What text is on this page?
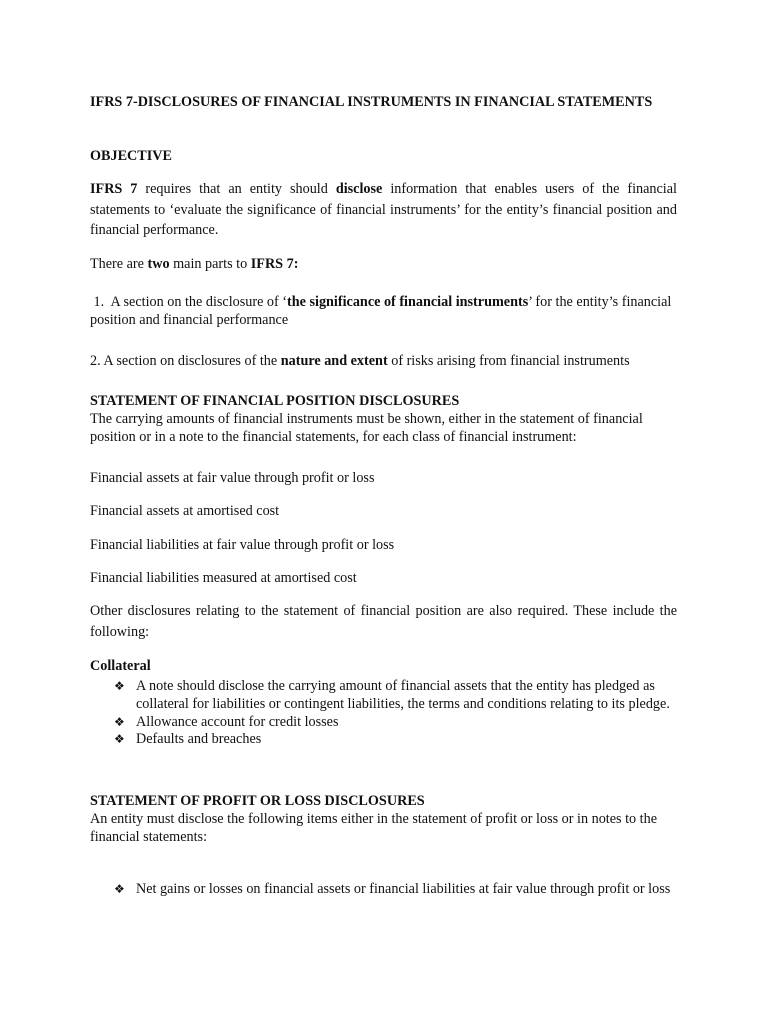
IFRS 7-DISCLOSURES OF FINANCIAL INSTRUMENTS IN FINANCIAL STATEMENTS
OBJECTIVE
IFRS 7 requires that an entity should disclose information that enables users of the financial statements to ‘evaluate the significance of financial instruments’ for the entity’s financial position and financial performance.
There are two main parts to IFRS 7:
1.  A section on the disclosure of ‘the significance of financial instruments’ for the entity’s financial position and financial performance
2. A section on disclosures of the nature and extent of risks arising from financial instruments
STATEMENT OF FINANCIAL POSITION DISCLOSURES
The carrying amounts of financial instruments must be shown, either in the statement of financial position or in a note to the financial statements, for each class of financial instrument:
Financial assets at fair value through profit or loss
Financial assets at amortised cost
Financial liabilities at fair value through profit or loss
Financial liabilities measured at amortised cost
Other disclosures relating to the statement of financial position are also required. These include the following:
Collateral
❖ A note should disclose the carrying amount of financial assets that the entity has pledged as collateral for liabilities or contingent liabilities, the terms and conditions relating to its pledge.
❖ Allowance account for credit losses
❖ Defaults and breaches
STATEMENT OF PROFIT OR LOSS DISCLOSURES
An entity must disclose the following items either in the statement of profit or loss or in notes to the financial statements:
❖ Net gains or losses on financial assets or financial liabilities at fair value through profit or loss
